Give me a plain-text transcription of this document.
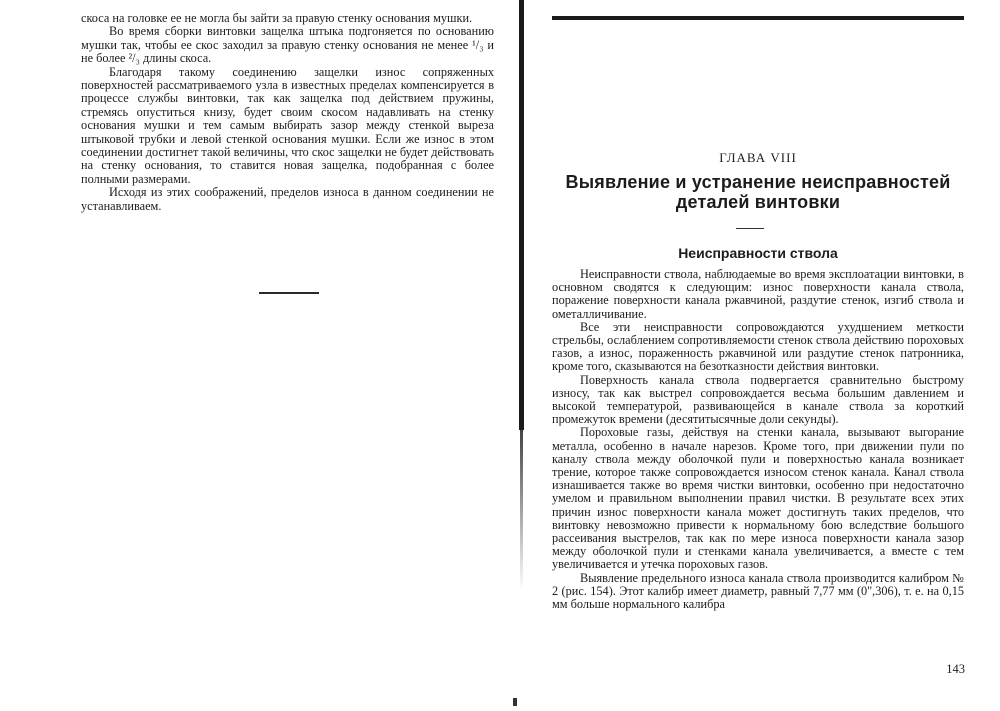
скоса на головке ее не могла бы зайти за правую стенку основания мушки.

Во время сборки винтовки защелка штыка подгоняется по основанию мушки так, чтобы ее скос заходил за правую стенку основания не менее ¹/₃ и не более ²/₃ длины скоса.

Благодаря такому соединению защелки износ сопряженных поверхностей рассматриваемого узла в известных пределах компенсируется в процессе службы винтовки, так как защелка под действием пружины, стремясь опуститься книзу, будет своим скосом надавливать на стенку основания мушки и тем самым выбирать зазор между стенкой выреза штыковой трубки и левой стенкой основания мушки. Если же износ в этом соединении достигнет такой величины, что скос защелки не будет действовать на стенку основания, то ставится новая защелка, подобранная с более полными размерами.

Исходя из этих соображений, пределов износа в данном соединении не устанавливаем.

ГЛАВА VIII
Выявление и устранение неисправностей
деталей винтовки
Неисправности ствола

Неисправности ствола, наблюдаемые во время эксплоатации винтовки, в основном сводятся к следующим: износ поверхности канала ствола, поражение поверхности канала ржавчиной, раздутие стенок, изгиб ствола и ометалличивание.

Все эти неисправности сопровождаются ухудшением меткости стрельбы, ослаблением сопротивляемости стенок ствола действию пороховых газов, а износ, пораженность ржавчиной или раздутие стенок патронника, кроме того, сказываются на безотказности действия винтовки.

Поверхность канала ствола подвергается сравнительно быстрому износу, так как выстрел сопровождается весьма большим давлением и высокой температурой, развивающейся в канале ствола за короткий промежуток времени (десятитысячные доли секунды).

Пороховые газы, действуя на стенки канала, вызывают выгорание металла, особенно в начале нарезов. Кроме того, при движении пули по каналу ствола между оболочкой пули и поверхностью канала возникает трение, которое также сопровождается износом стенок канала. Канал ствола изнашивается также во время чистки винтовки, особенно при недостаточно умелом и правильном выполнении правил чистки. В результате всех этих причин износ поверхности канала может достигнуть таких пределов, что винтовку невозможно привести к нормальному бою вследствие большого рассеивания выстрелов, так как по мере износа поверхности канала зазор между оболочкой пули и стенками канала увеличивается, а вместе с тем увеличивается и утечка пороховых газов.

Выявление предельного износа канала ствола производится калибром № 2 (рис. 154). Этот калибр имеет диаметр, равный 7,77 мм (0",306), т. е. на 0,15 мм больше нормального калибра

143
